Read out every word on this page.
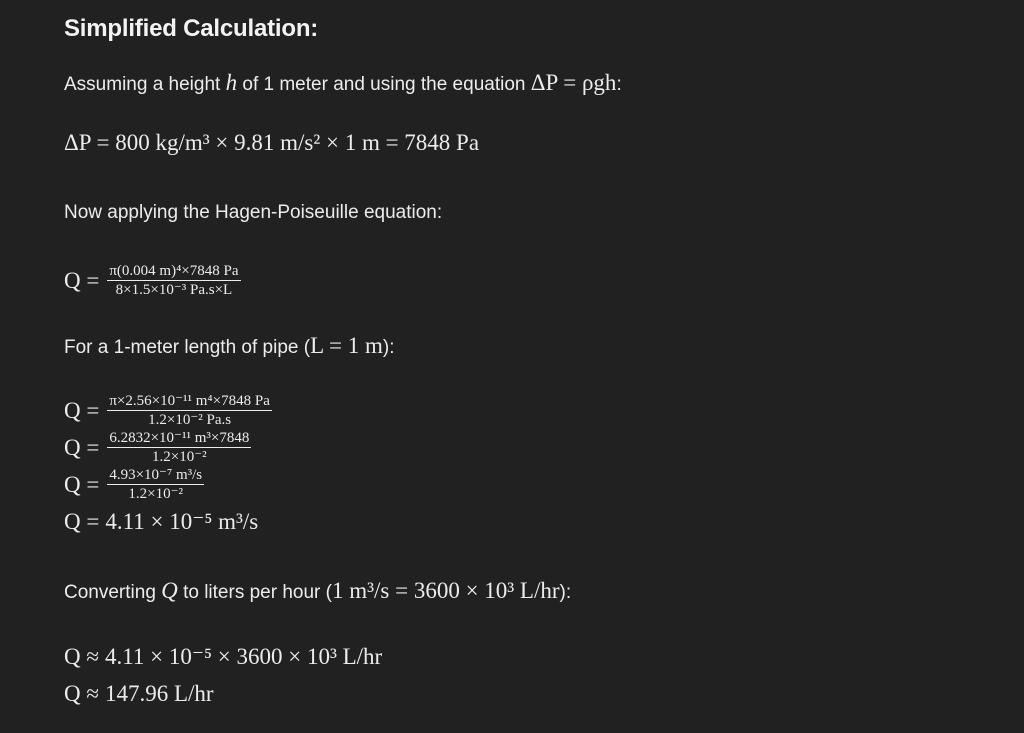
Simplified Calculation:
Assuming a height h of 1 meter and using the equation ΔP = ρgh:
ΔP = 800 kg/m³ × 9.81 m/s² × 1 m = 7848 Pa
Now applying the Hagen-Poiseuille equation:
$Q = \frac{\text{π(0.004 m)⁴×7848 Pa}}{\text{8×1.5×10⁻³ Pa.s×L}}$
For a 1-meter length of pipe (L = 1 m):
$Q = \frac{\text{π×2.56×10⁻¹¹ m⁴×7848 Pa}}{\text{1.2×10⁻² Pa.s}}$
$Q = \frac{\text{6.2832×10⁻¹¹ m³×7848}}{\text{1.2×10⁻²}}$
$Q = \frac{\text{4.93×10⁻⁷ m³/s}}{\text{1.2×10⁻²}}$
Q = 4.11 × 10⁻⁵ m³/s
Converting Q to liters per hour (1 m³/s = 3600 × 10³ L/hr):
Q ≈ 4.11 × 10⁻⁵ × 3600 × 10³ L/hr
Q ≈ 147.96 L/hr
